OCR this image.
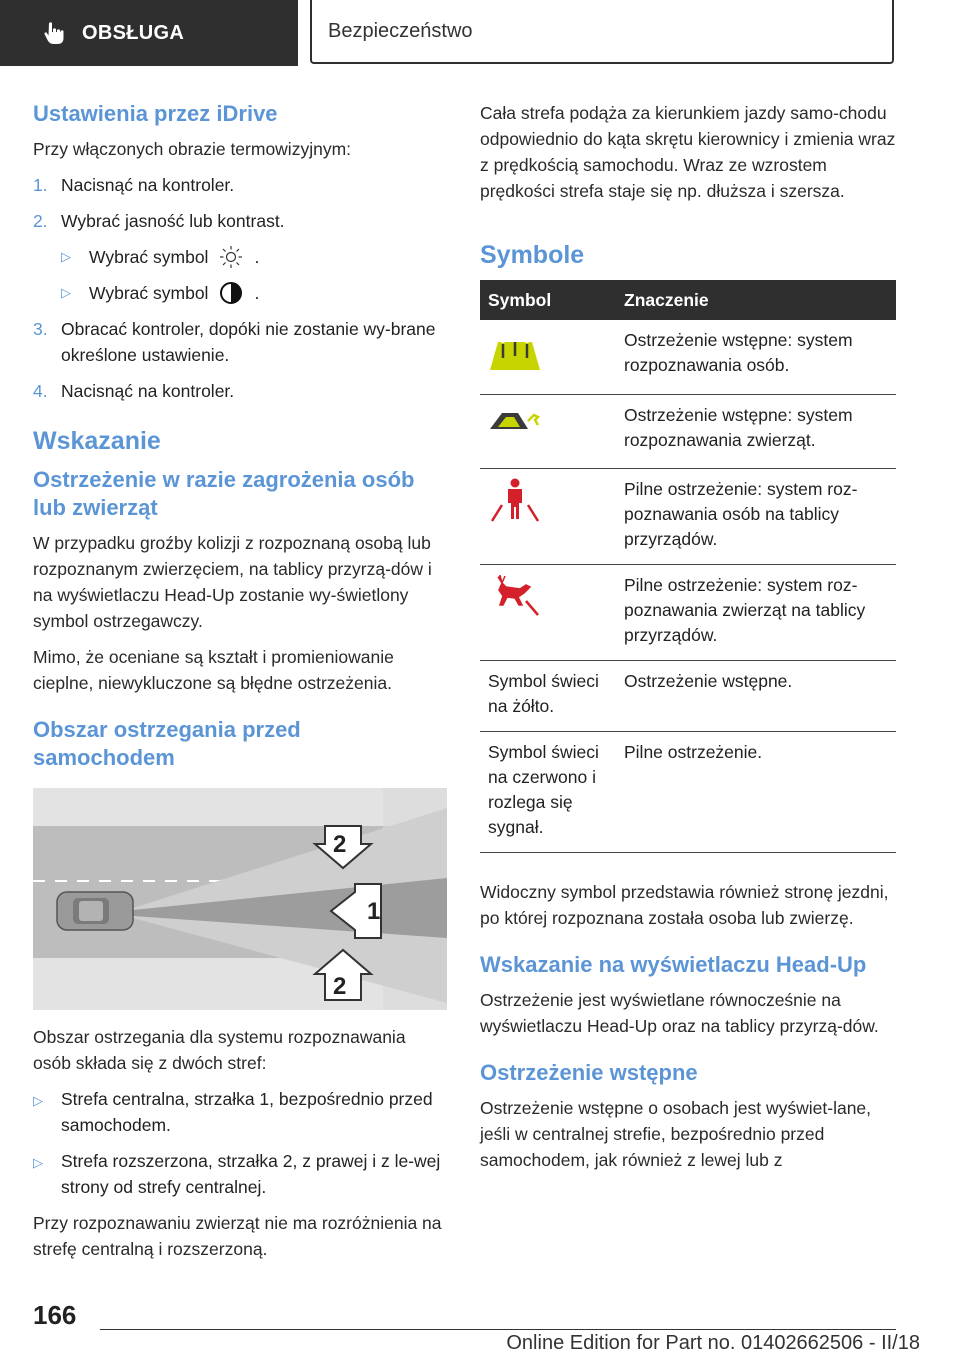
OBSŁUGA	Bezpieczeństwo
Ustawienia przez iDrive

Przy włączonych obrazie termowizyjnym:

1. Nacisnąć na kontroler.
2. Wybrać jasność lub kontrast.
▷	Wybrać symbol	.
▷	Wybrać symbol	.
3. Obracać kontroler, dopóki nie zostanie wy-brane określone ustawienie.
4. Nacisnąć na kontroler.
Wskazanie
Ostrzeżenie w razie zagrożenia osób lub zwierząt

W przypadku groźby kolizji z rozpoznaną osobą lub rozpoznanym zwierzęciem, na tablicy przyrzą-dów i na wyświetlaczu Head-Up zostanie wy-świetlony symbol ostrzegawczy.

Mimo, że oceniane są kształt i promieniowanie cieplne, niewykluczone są błędne ostrzeżenia.

Obszar ostrzegania przed samochodem
2
1
2

Obszar ostrzegania dla systemu rozpoznawania osób składa się z dwóch stref:

▷	Strefa centralna, strzałka 1, bezpośrednio przed samochodem.
▷	Strefa rozszerzona, strzałka 2, z prawej i z le-wej strony od strefy centralnej.

Przy rozpoznawaniu zwierząt nie ma rozróżnienia na strefę centralną i rozszerzoną.

Cała strefa podąża za kierunkiem jazdy samo-chodu odpowiednio do kąta skrętu kierownicy i zmienia wraz z prędkością samochodu. Wraz ze wzrostem prędkości strefa staje się np. dłuższa i szersza.

Symbole
Symbol	Znaczenie
	Ostrzeżenie wstępne: system rozpoznawania osób.
	Ostrzeżenie wstępne: system rozpoznawania zwierząt.
	Pilne ostrzeżenie: system roz-poznawania osób na tablicy przyrządów.
	Pilne ostrzeżenie: system roz-poznawania zwierząt na tablicy przyrządów.
Symbol świeci na żółto.	Ostrzeżenie wstępne.
Symbol świeci na czerwono i rozlega się sygnał.	Pilne ostrzeżenie.

Widoczny symbol przedstawia również stronę jezdni, po której rozpoznana została osoba lub zwierzę.

Wskazanie na wyświetlaczu Head-Up

Ostrzeżenie jest wyświetlane równocześnie na wyświetlaczu Head-Up oraz na tablicy przyrzą-dów.

Ostrzeżenie wstępne

Ostrzeżenie wstępne o osobach jest wyświet-lane, jeśli w centralnej strefie, bezpośrednio przed samochodem, jak również z lewej lub z

166
Online Edition for Part no. 01402662506 - II/18
